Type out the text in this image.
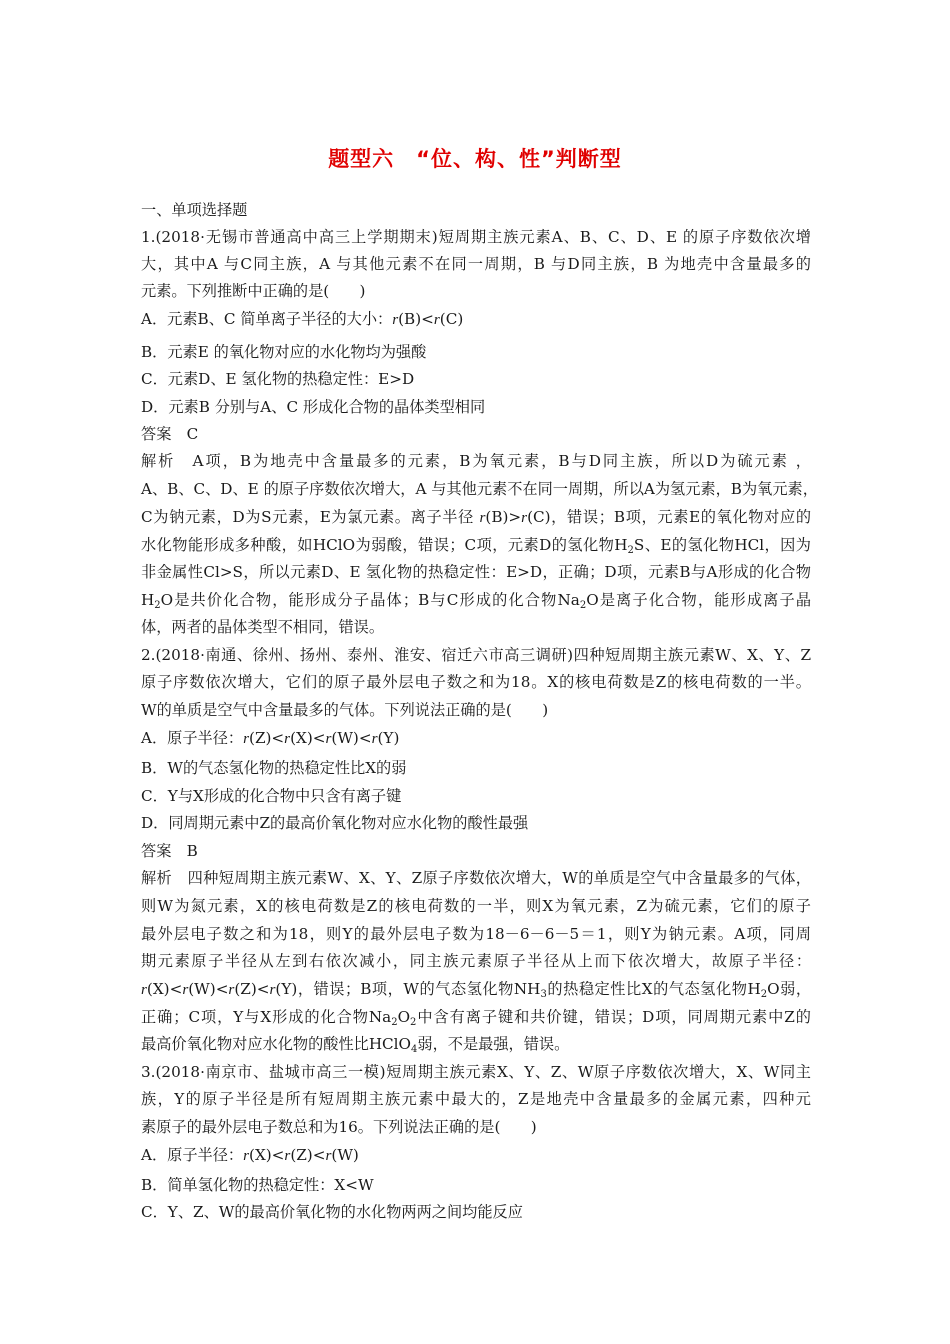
题型六　“位、构、性”判断型
一、单项选择题
1.(2018·无锡市普通高中高三上学期期末)短周期主族元素A、B、C、D、E 的原子序数依次增
大，其中A 与C同主族，A 与其他元素不在同一周期，B 与D同主族，B 为地壳中含量最多的
元素。下列推断中正确的是(　　)
A．元素B、C 简单离子半径的大小：r(B)<r(C)
B．元素E 的氧化物对应的水化物均为强酸
C．元素D、E 氢化物的热稳定性：E>D
D．元素B 分别与A、C 形成化合物的晶体类型相同
答案　C
解析　A项，B为地壳中含量最多的元素，B为氧元素，B与D同主族，所以D为硫元素 ，
A、B、C、D、E 的原子序数依次增大，A 与其他元素不在同一周期，所以A为氢元素，B为氧元素，
C为钠元素，D为S元素，E为氯元素。离子半径 r(B)>r(C)，错误；B项，元素E的氧化物对应的
水化物能形成多种酸，如HClO为弱酸，错误；C项，元素D的氢化物$H_2S$、E的氢化物HCl，因为
非金属性Cl>S，所以元素D、E 氢化物的热稳定性：E>D，正确；D项，元素B与A形成的化合物
$H_2O$是共价化合物，能形成分子晶体；B与C形成的化合物$Na_2O$是离子化合物，能形成离子晶
体，两者的晶体类型不相同，错误。
2.(2018·南通、徐州、扬州、泰州、淮安、宿迁六市高三调研)四种短周期主族元素W、X、Y、Z
原子序数依次增大，它们的原子最外层电子数之和为18。X的核电荷数是Z的核电荷数的一半。
W的单质是空气中含量最多的气体。下列说法正确的是(　　)
A．原子半径：r(Z)<r(X)<r(W)<r(Y)
B．W的气态氢化物的热稳定性比X的弱
C．Y与X形成的化合物中只含有离子键
D．同周期元素中Z的最高价氧化物对应水化物的酸性最强
答案　B
解析　四种短周期主族元素W、X、Y、Z原子序数依次增大，W的单质是空气中含量最多的气体，
则W为氮元素，X的核电荷数是Z的核电荷数的一半，则X为氧元素，Z为硫元素，它们的原子
最外层电子数之和为18，则Y的最外层电子数为18－6－6－5＝1，则Y为钠元素。A项，同周
期元素原子半径从左到右依次减小，同主族元素原子半径从上而下依次增大，故原子半径：
r(X)<r(W)<r(Z)<r(Y)，错误；B项，W的气态氢化物$NH_3$的热稳定性比X的气态氢化物$H_2O$弱，
正确；C项，Y与X形成的化合物$Na_2O_2$中含有离子键和共价键，错误；D项，同周期元素中Z的
最高价氧化物对应水化物的酸性比HClO$_4$弱，不是最强，错误。
3.(2018·南京市、盐城市高三一模)短周期主族元素X、Y、Z、W原子序数依次增大，X、W同主
族，Y的原子半径是所有短周期主族元素中最大的，Z是地壳中含量最多的金属元素，四种元
素原子的最外层电子数总和为16。下列说法正确的是(　　)
A．原子半径：r(X)<r(Z)<r(W)
B．简单氢化物的热稳定性：X<W
C．Y、Z、W的最高价氧化物的水化物两两之间均能反应
